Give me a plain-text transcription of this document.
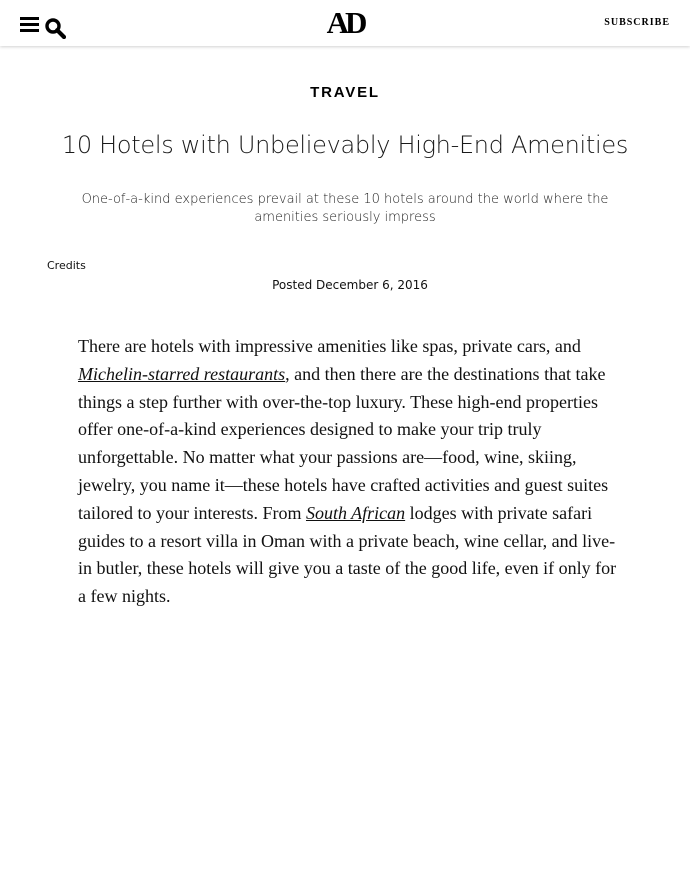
AD	SUBSCRIBE
TRAVEL
10 Hotels with Unbelievably High-End Amenities

One-of-a-kind experiences prevail at these 10 hotels around the world where the amenities seriously impress

Credits
Posted December 6, 2016

There are hotels with impressive amenities like spas, private cars, and Michelin-starred restaurants, and then there are the destinations that take things a step further with over-the-top luxury. These high-end properties offer one-of-a-kind experiences designed to make your trip truly unforgettable. No matter what your passions are—food, wine, skiing, jewelry, you name it—these hotels have crafted activities and guest suites tailored to your interests. From South African lodges with private safari guides to a resort villa in Oman with a private beach, wine cellar, and live-in butler, these hotels will give you a taste of the good life, even if only for a few nights.
